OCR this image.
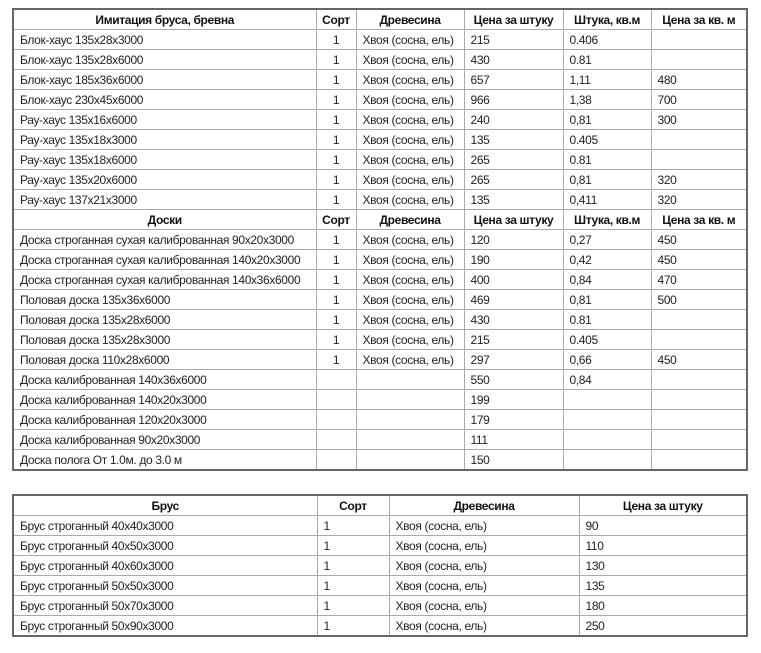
Имитация бруса, бревна	Сорт	Древесина	Цена за штуку	Штука, кв.м	Цена за кв. м
Блок-хаус 135x28x3000	1	Хвоя (сосна, ель)	215	0.406	
Блок-хаус 135x28x6000	1	Хвоя (сосна, ель)	430	0.81	
Блок-хаус 185x36x6000	1	Хвоя (сосна, ель)	657	1,11	480
Блок-хаус 230x45x6000	1	Хвоя (сосна, ель)	966	1,38	700
Рау-хаус 135x16x6000	1	Хвоя (сосна, ель)	240	0,81	300
Рау-хаус 135x18x3000	1	Хвоя (сосна, ель)	135	0.405	
Рау-хаус 135x18x6000	1	Хвоя (сосна, ель)	265	0.81	
Рау-хаус 135x20x6000	1	Хвоя (сосна, ель)	265	0,81	320
Рау-хаус 137x21x3000	1	Хвоя (сосна, ель)	135	0,411	320
Доски	Сорт	Древесина	Цена за штуку	Штука, кв.м	Цена за кв. м
Доска строганная сухая калиброванная 90x20x3000	1	Хвоя (сосна, ель)	120	0,27	450
Доска строганная сухая калиброванная 140x20x3000	1	Хвоя (сосна, ель)	190	0,42	450
Доска строганная сухая калиброванная 140x36x6000	1	Хвоя (сосна, ель)	400	0,84	470
Половая доска 135x36x6000	1	Хвоя (сосна, ель)	469	0,81	500
Половая доска 135x28x6000	1	Хвоя (сосна, ель)	430	0.81	
Половая доска 135x28x3000	1	Хвоя (сосна, ель)	215	0.405	
Половая доска 110x28x6000	1	Хвоя (сосна, ель)	297	0,66	450
Доска калиброванная 140x36x6000			550	0,84	
Доска калиброванная 140x20x3000			199		
Доска калиброванная 120x20x3000			179		
Доска калиброванная 90x20x3000			111		
Доска полога От 1.0м. до 3.0 м			150		
Брус	Сорт	Древесина	Цена за штуку
Брус строганный 40x40x3000	1	Хвоя (сосна, ель)	90
Брус строганный 40x50x3000	1	Хвоя (сосна, ель)	110
Брус строганный 40x60x3000	1	Хвоя (сосна, ель)	130
Брус строганный 50x50x3000	1	Хвоя (сосна, ель)	135
Брус строганный 50x70x3000	1	Хвоя (сосна, ель)	180
Брус строганный 50x90x3000	1	Хвоя (сосна, ель)	250
